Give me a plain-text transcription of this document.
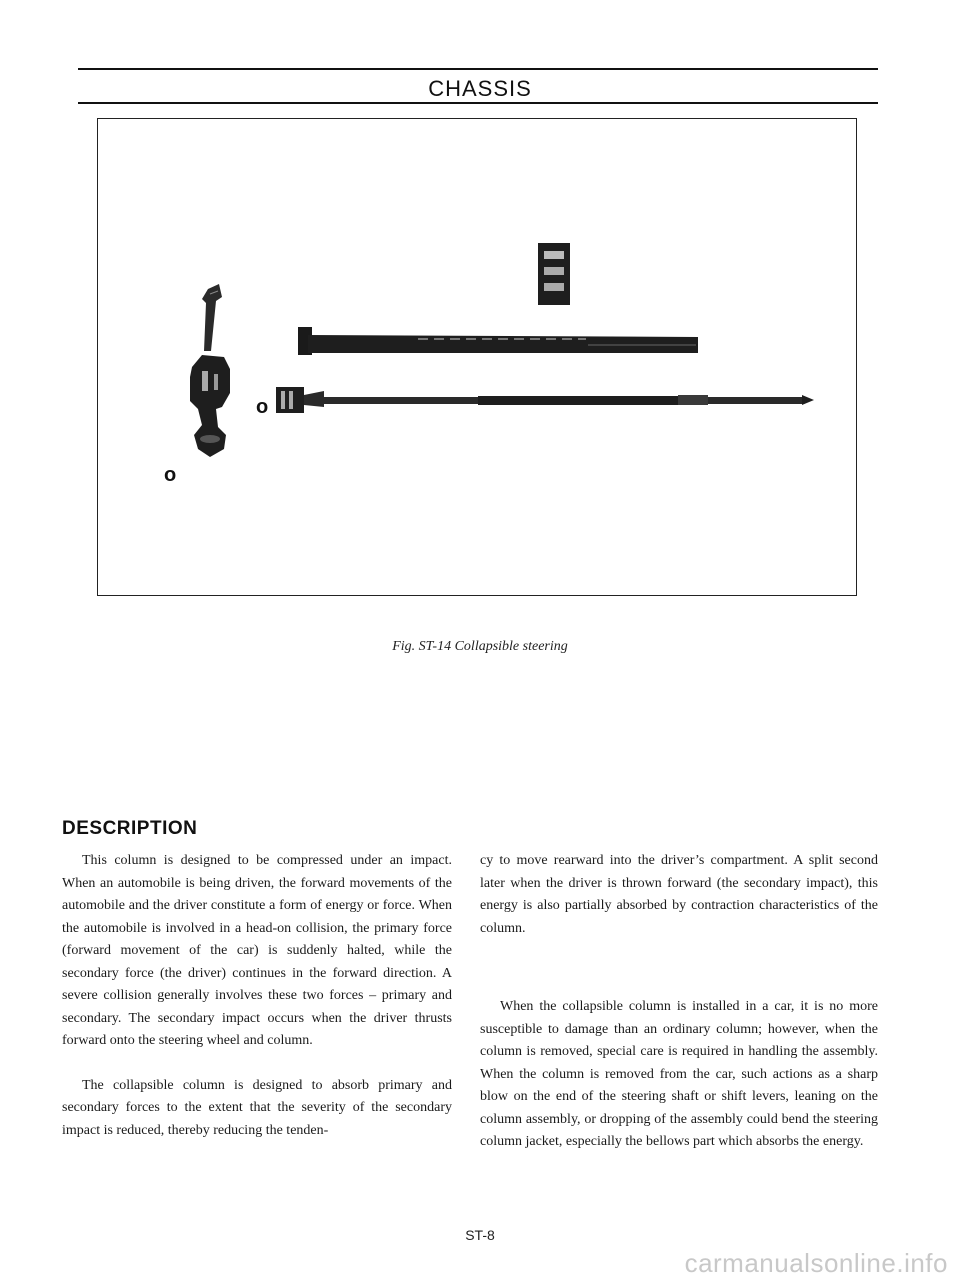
CHASSIS
o
o
Fig. ST-14 Collapsible steering
DESCRIPTION

This column is designed to be compressed under an impact. When an automobile is being driven, the forward movements of the automobile and the driver constitute a form of energy or force. When the automobile is involved in a head-on collision, the primary force (forward movement of the car) is suddenly halted, while the secondary force (the driver) continues in the forward direction. A severe collision generally involves these two forces – primary and secondary. The secondary impact occurs when the driver thrusts forward onto the steering wheel and column.

The collapsible column is designed to absorb primary and secondary forces to the extent that the severity of the secondary impact is reduced, thereby reducing the tenden-

cy to move rearward into the driver’s compartment. A split second later when the driver is thrown forward (the secondary impact), this energy is also partially absorbed by contraction characteristics of the column.

When the collapsible column is installed in a car, it is no more susceptible to damage than an ordinary column; however, when the column is removed, special care is required in handling the assembly. When the column is removed from the car, such actions as a sharp blow on the end of the steering shaft or shift levers, leaning on the column assembly, or dropping of the assembly could bend the steering column jacket, especially the bellows part which absorbs the energy.

ST-8
carmanualsonline.info
